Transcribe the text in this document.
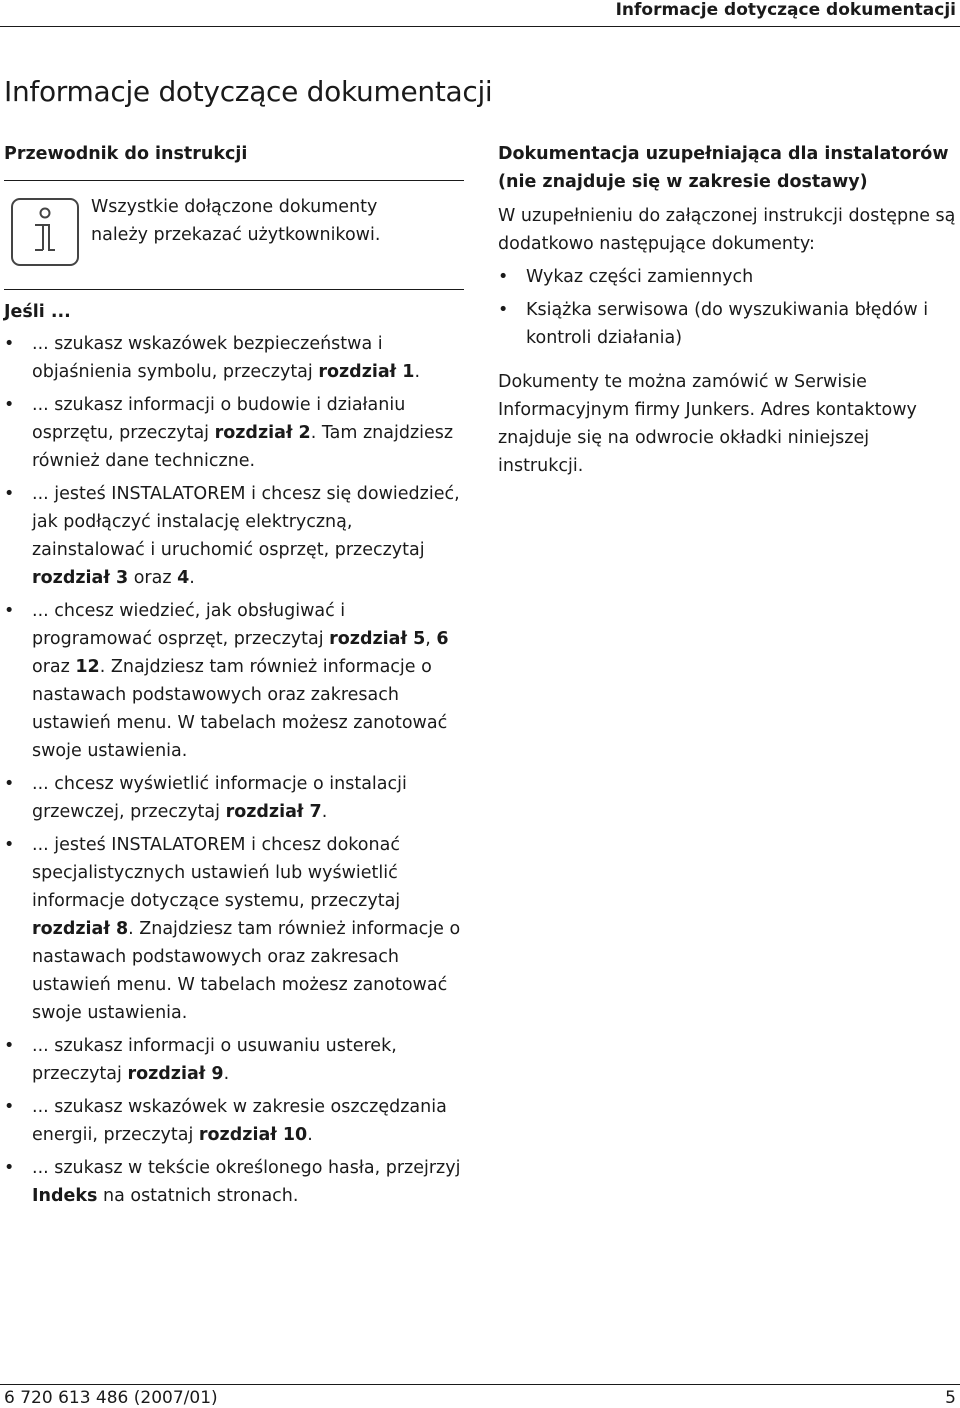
Informacje dotyczące dokumentacji
Informacje dotyczące dokumentacji
Przewodnik do instrukcji
Wszystkie dołączone dokumenty
należy przekazać użytkownikowi.
Jeśli ...
• ... szukasz wskazówek bezpieczeństwa i objaśnienia symbolu, przeczytaj rozdział 1.
• ... szukasz informacji o budowie i działaniu osprzętu, przeczytaj rozdział 2. Tam znajdziesz również dane techniczne.
• ... jesteś INSTALATOREM i chcesz się dowiedzieć, jak podłączyć instalację elektryczną, zainstalować i uruchomić osprzęt, przeczytaj rozdział 3 oraz 4.
• ... chcesz wiedzieć, jak obsługiwać i programować osprzęt, przeczytaj rozdział 5, 6 oraz 12. Znajdziesz tam również informacje o nastawach podstawowych oraz zakresach ustawień menu. W tabelach możesz zanotować swoje ustawienia.
• ... chcesz wyświetlić informacje o instalacji grzewczej, przeczytaj rozdział 7.
• ... jesteś INSTALATOREM i chcesz dokonać specjalistycznych ustawień lub wyświetlić informacje dotyczące systemu, przeczytaj rozdział 8. Znajdziesz tam również informacje o nastawach podstawowych oraz zakresach ustawień menu. W tabelach możesz zanotować swoje ustawienia.
• ... szukasz informacji o usuwaniu usterek, przeczytaj rozdział 9.
• ... szukasz wskazówek w zakresie oszczędzania energii, przeczytaj rozdział 10.
• ... szukasz w tekście określonego hasła, przejrzyj Indeks na ostatnich stronach.
Dokumentacja uzupełniająca dla instalatorów (nie znajduje się w zakresie dostawy)

W uzupełnieniu do załączonej instrukcji dostępne są dodatkowo następujące dokumenty:

• Wykaz części zamiennych
• Książka serwisowa (do wyszukiwania błędów i kontroli działania)

Dokumenty te można zamówić w Serwisie Informacyjnym firmy Junkers. Adres kontaktowy znajduje się na odwrocie okładki niniejszej instrukcji.

6 720 613 486 (2007/01)	5
